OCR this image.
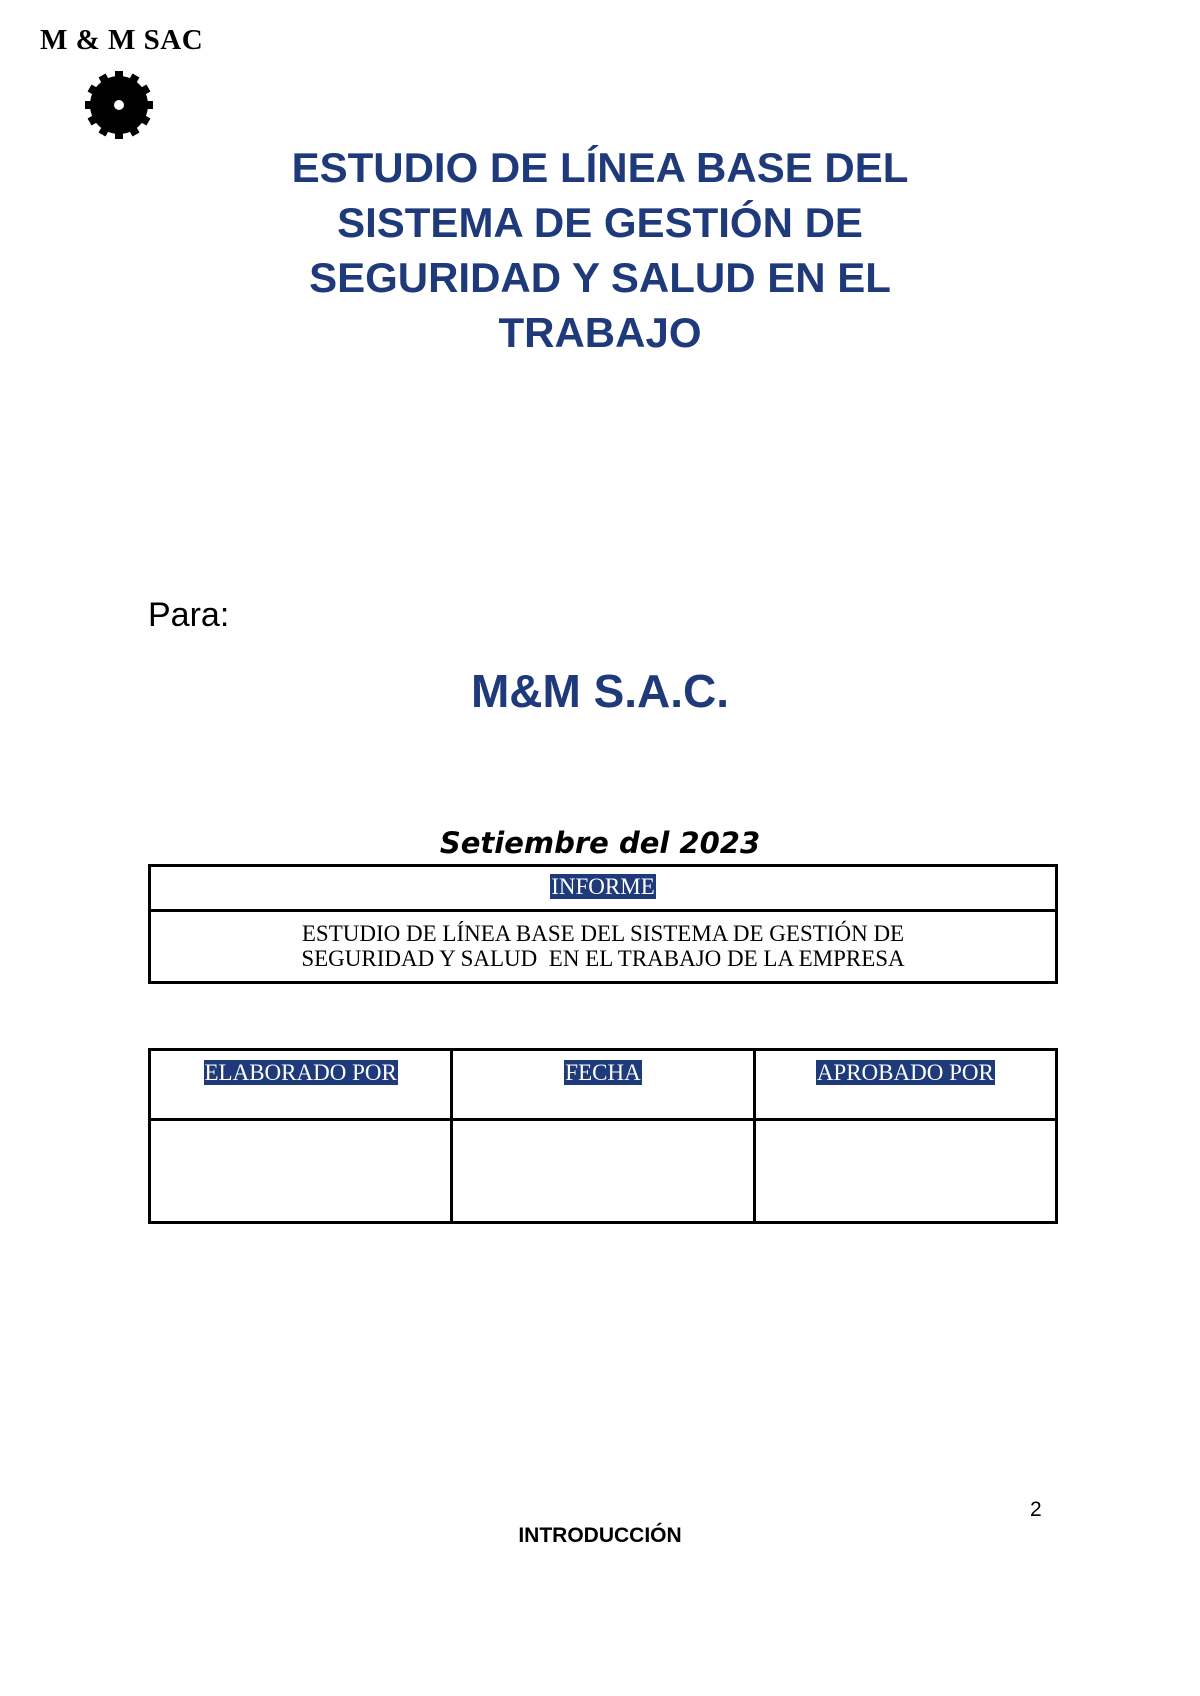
M & M SAC
ESTUDIO DE LÍNEA BASE DEL
SISTEMA DE GESTIÓN DE
SEGURIDAD Y SALUD EN EL
TRABAJO
Para:
M&M S.A.C.
Setiembre del 2023
INFORME
ESTUDIO DE LÍNEA BASE DEL SISTEMA DE GESTIÓN DE
SEGURIDAD Y SALUD  EN EL TRABAJO DE LA EMPRESA
ELABORADO POR	FECHA	APROBADO POR

2
INTRODUCCIÓN
